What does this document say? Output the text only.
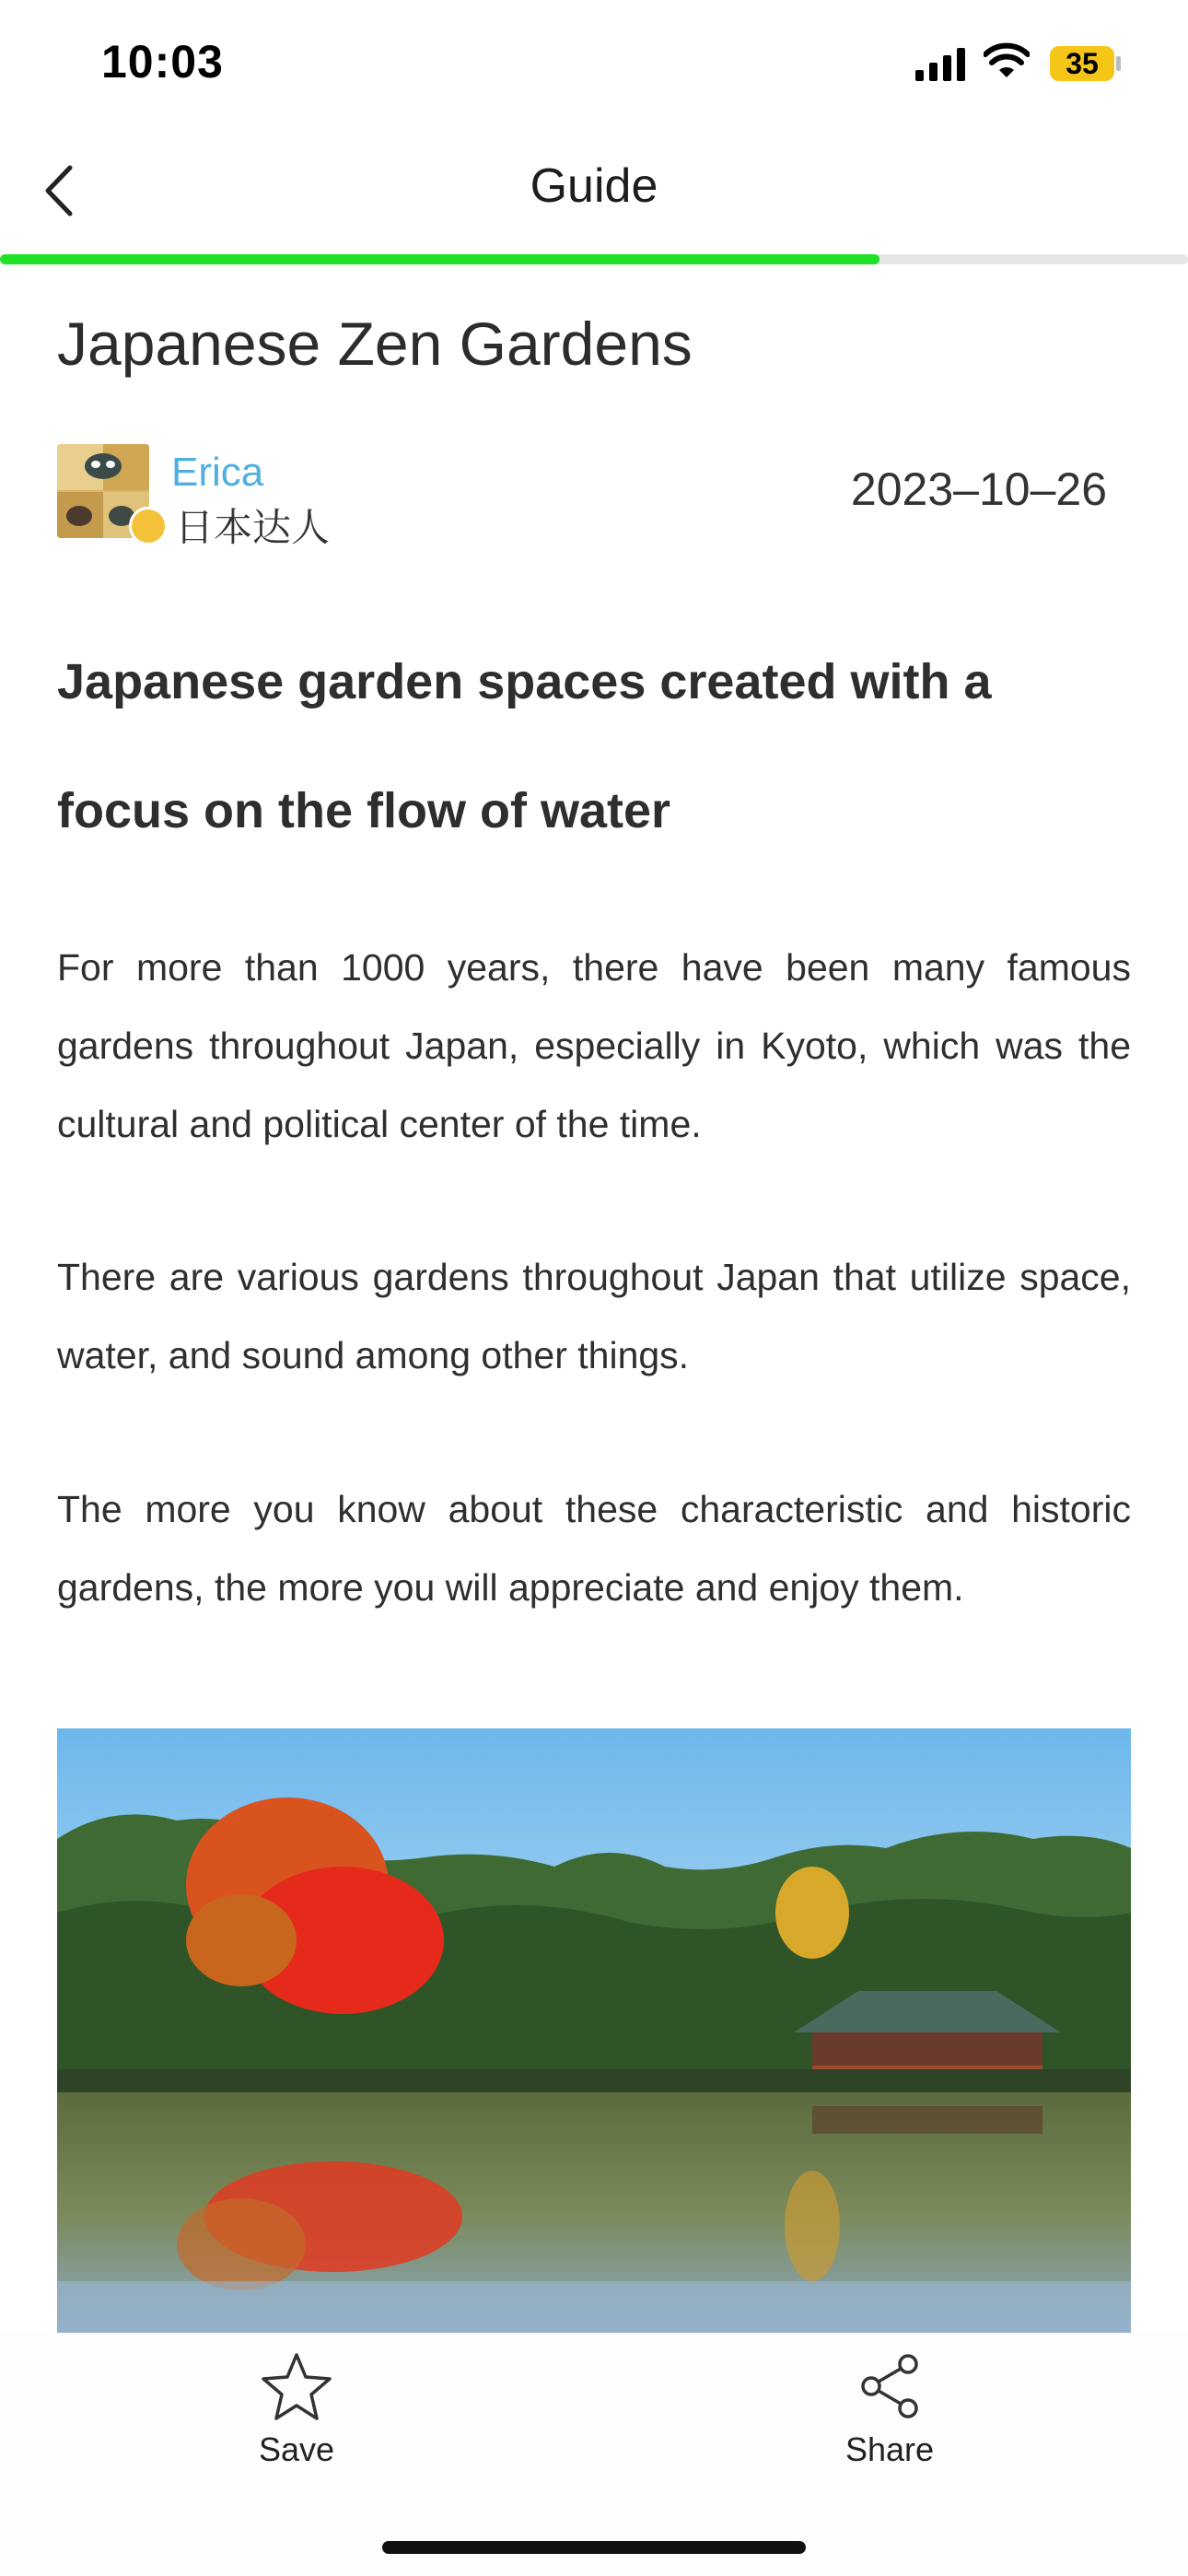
10:03	35
Guide
Japanese Zen Gardens
Erica
日本达人
2023–10–26
Japanese garden spaces created with a focus on the flow of water

For more than 1000 years, there have been many famous gardens throughout Japan, especially in Kyoto, which was the cultural and political center of the time.

There are various gardens throughout Japan that utilize space, water, and sound among other things.

The more you know about these characteristic and historic gardens, the more you will appreciate and enjoy them.

Save	Share
